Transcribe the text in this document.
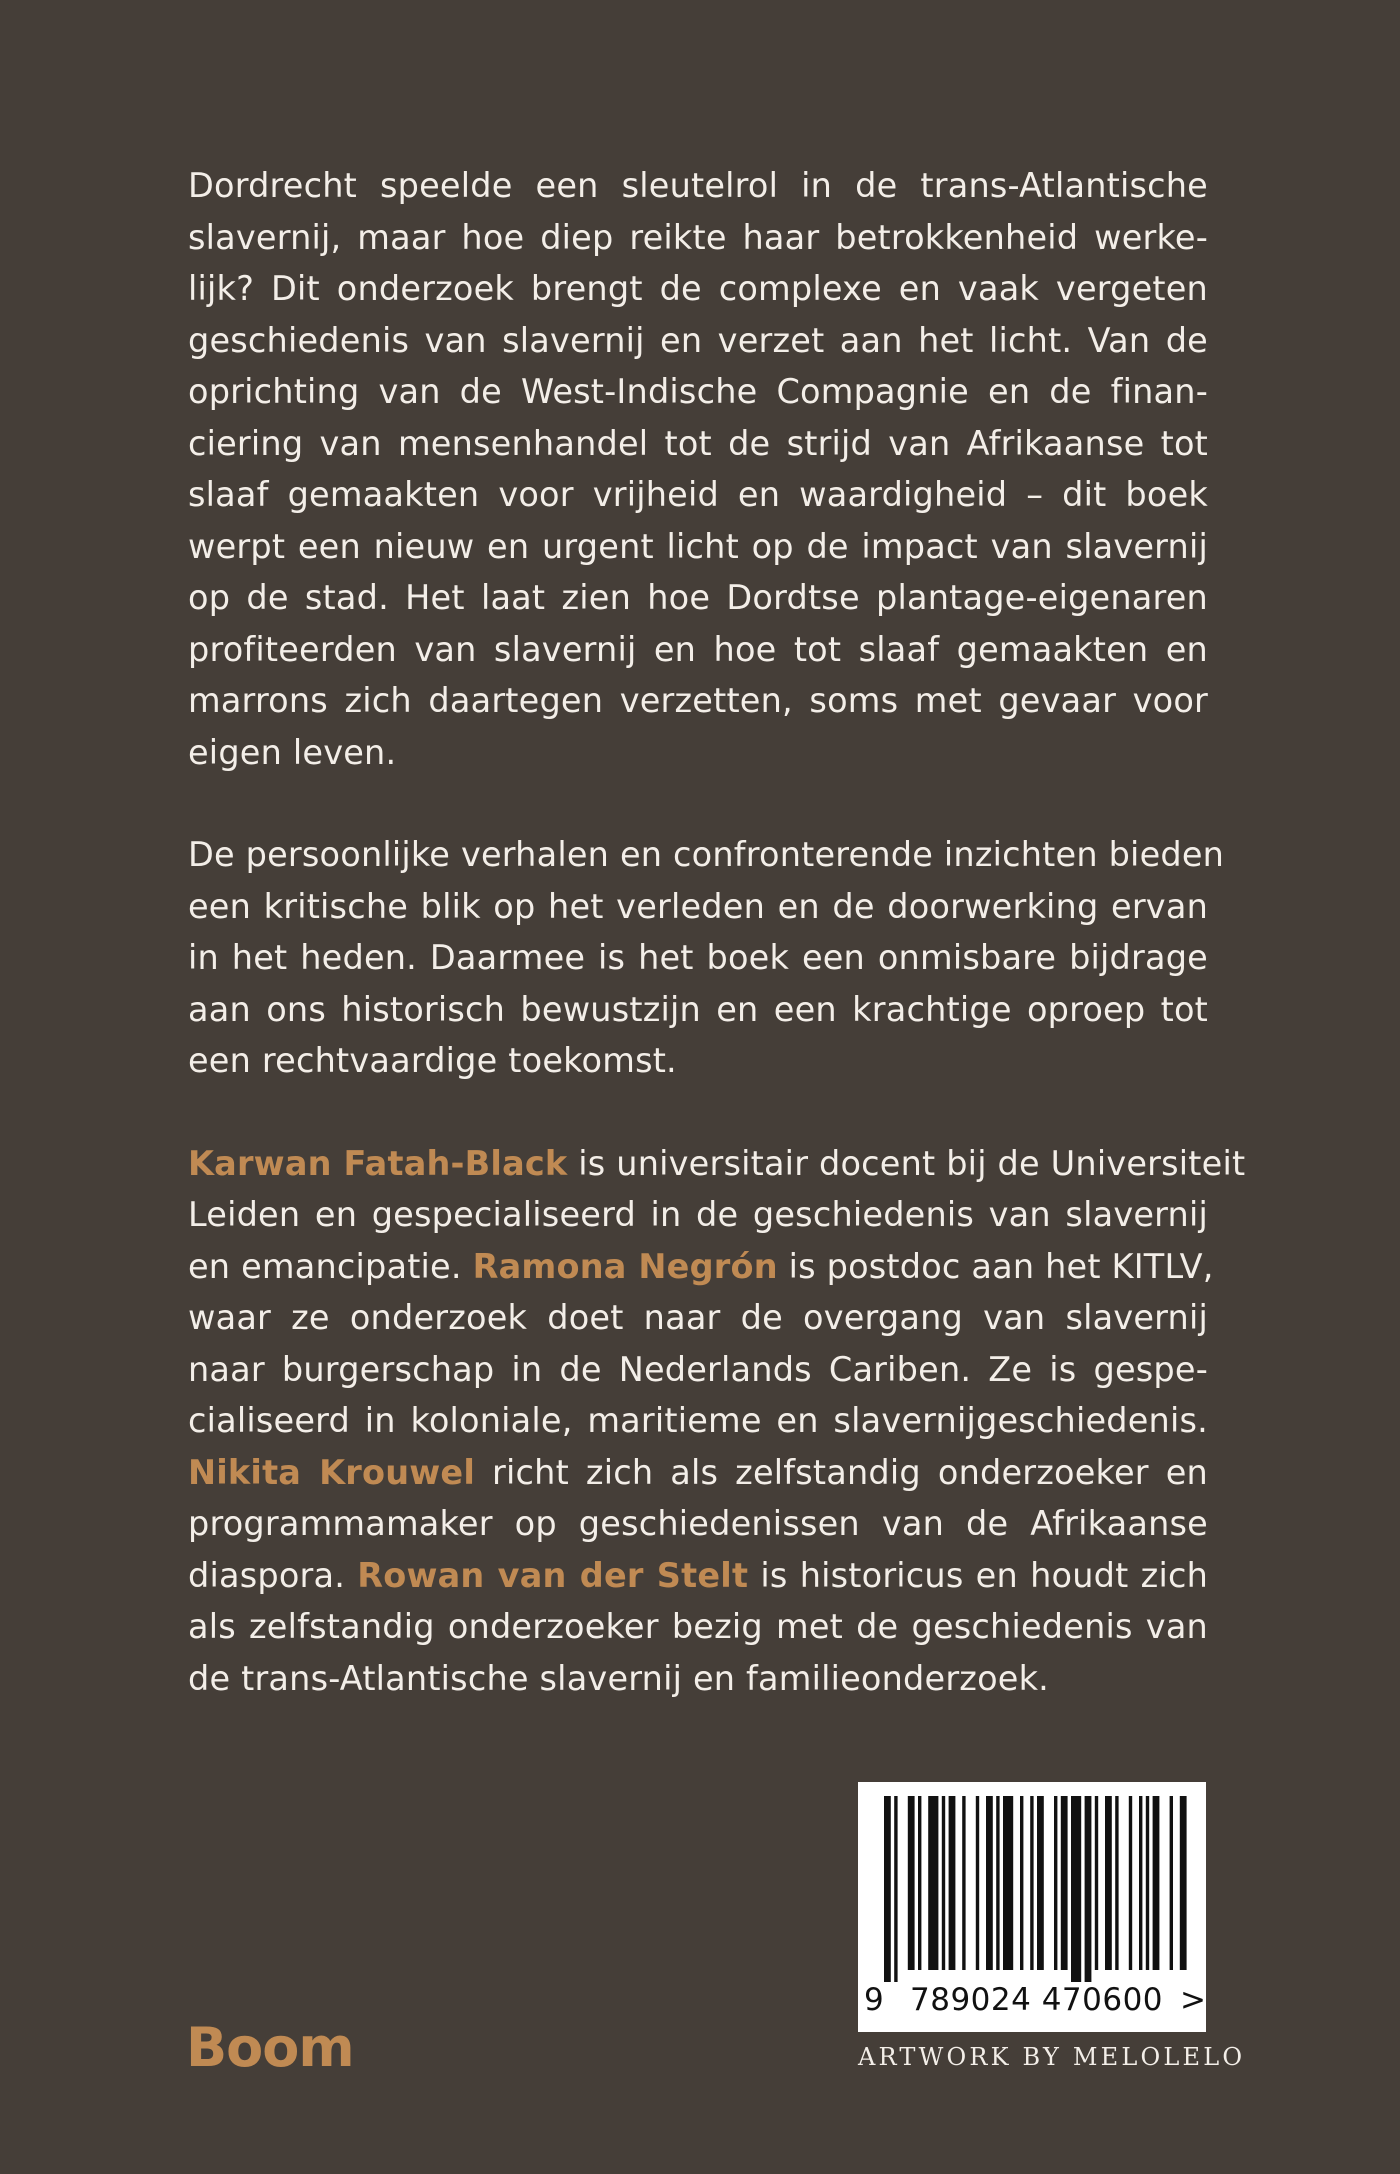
Dordrecht speelde een sleutelrol in de trans-Atlantische
slavernij, maar hoe diep reikte haar betrokkenheid werke-
lijk? Dit onderzoek brengt de complexe en vaak vergeten
geschiedenis van slavernij en verzet aan het licht. Van de
oprichting van de West-Indische Compagnie en de finan-
ciering van mensenhandel tot de strijd van Afrikaanse tot
slaaf gemaakten voor vrijheid en waardigheid – dit boek
werpt een nieuw en urgent licht op de impact van slavernij
op de stad. Het laat zien hoe Dordtse plantage-eigenaren
profiteerden van slavernij en hoe tot slaaf gemaakten en
marrons zich daartegen verzetten, soms met gevaar voor
eigen leven.
De persoonlijke verhalen en confronterende inzichten bieden
een kritische blik op het verleden en de doorwerking ervan
in het heden. Daarmee is het boek een onmisbare bijdrage
aan ons historisch bewustzijn en een krachtige oproep tot
een rechtvaardige toekomst.
Karwan Fatah-Black is universitair docent bij de Universiteit
Leiden en gespecialiseerd in de geschiedenis van slavernij
en emancipatie. Ramona Negrón is postdoc aan het KITLV,
waar ze onderzoek doet naar de overgang van slavernij
naar burgerschap in de Nederlands Cariben. Ze is gespe-
cialiseerd in koloniale, maritieme en slavernijgeschiedenis.
Nikita Krouwel richt zich als zelfstandig onderzoeker en
programmamaker op geschiedenissen van de Afrikaanse
diaspora. Rowan van der Stelt is historicus en houdt zich
als zelfstandig onderzoeker bezig met de geschiedenis van
de trans-Atlantische slavernij en familieonderzoek.
Boom
9 789024 470600 >
ARTWORK BY MELOLELO
